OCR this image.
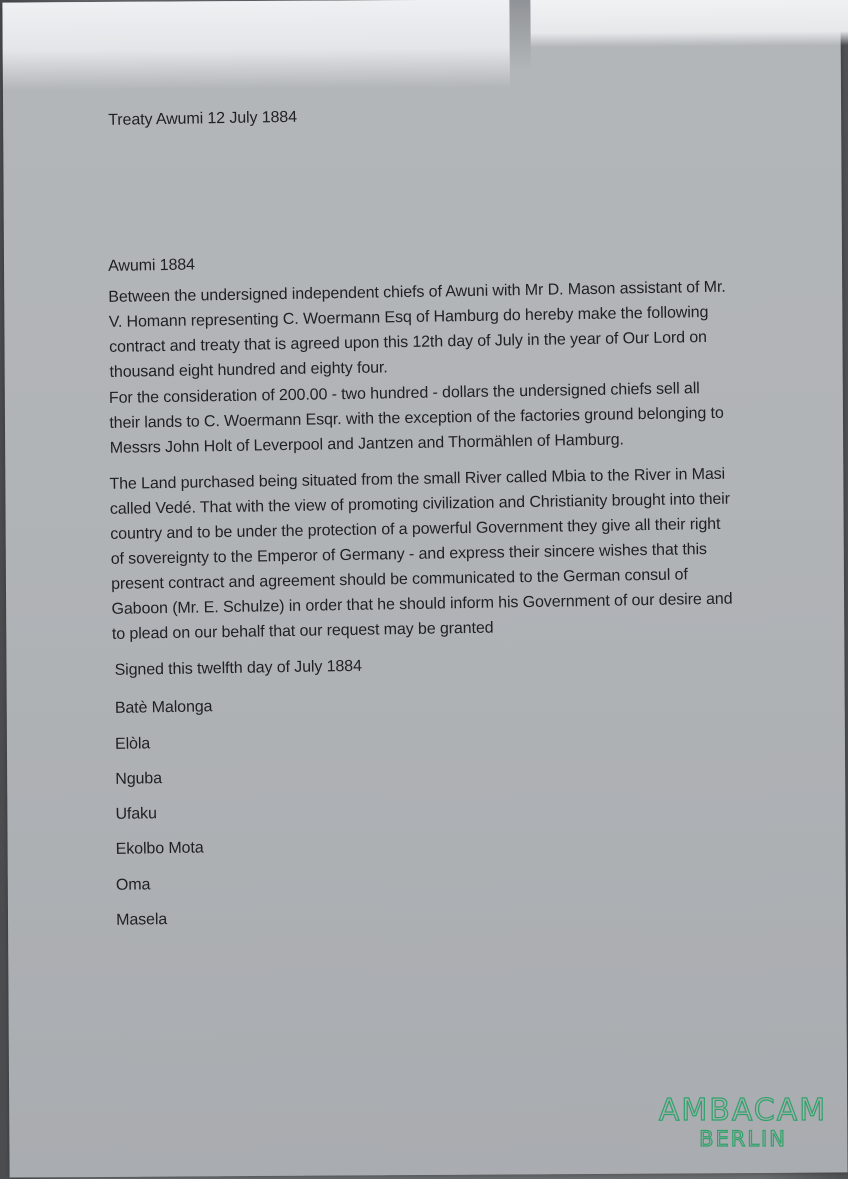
Treaty Awumi 12 July 1884

Awumi 1884

Between the undersigned independent chiefs of Awuni with Mr D. Mason assistant of Mr.
V. Homann representing C. Woermann Esq of Hamburg do hereby make the following
contract and treaty that is agreed upon this 12th day of July in the year of Our Lord on
thousand eight hundred and eighty four.

For the consideration of 200.00 - two hundred - dollars the undersigned chiefs sell all
their lands to C. Woermann Esqr. with the exception of the factories ground belonging to
Messrs John Holt of Leverpool and Jantzen and Thormählen of Hamburg.

The Land purchased being situated from the small River called Mbia to the River in Masi
called Vedé. That with the view of promoting civilization and Christianity brought into their
country and to be under the protection of a powerful Government they give all their right
of sovereignty to the Emperor of Germany - and express their sincere wishes that this
present contract and agreement should be communicated to the German consul of
Gaboon (Mr. E. Schulze) in order that he should inform his Government of our desire and
to plead on our behalf that our request may be granted

Signed this twelfth day of July 1884

Batè Malonga

Elòla

Nguba

Ufaku

Ekolbo Mota

Oma

Masela

AMBACAM
BERLIN
